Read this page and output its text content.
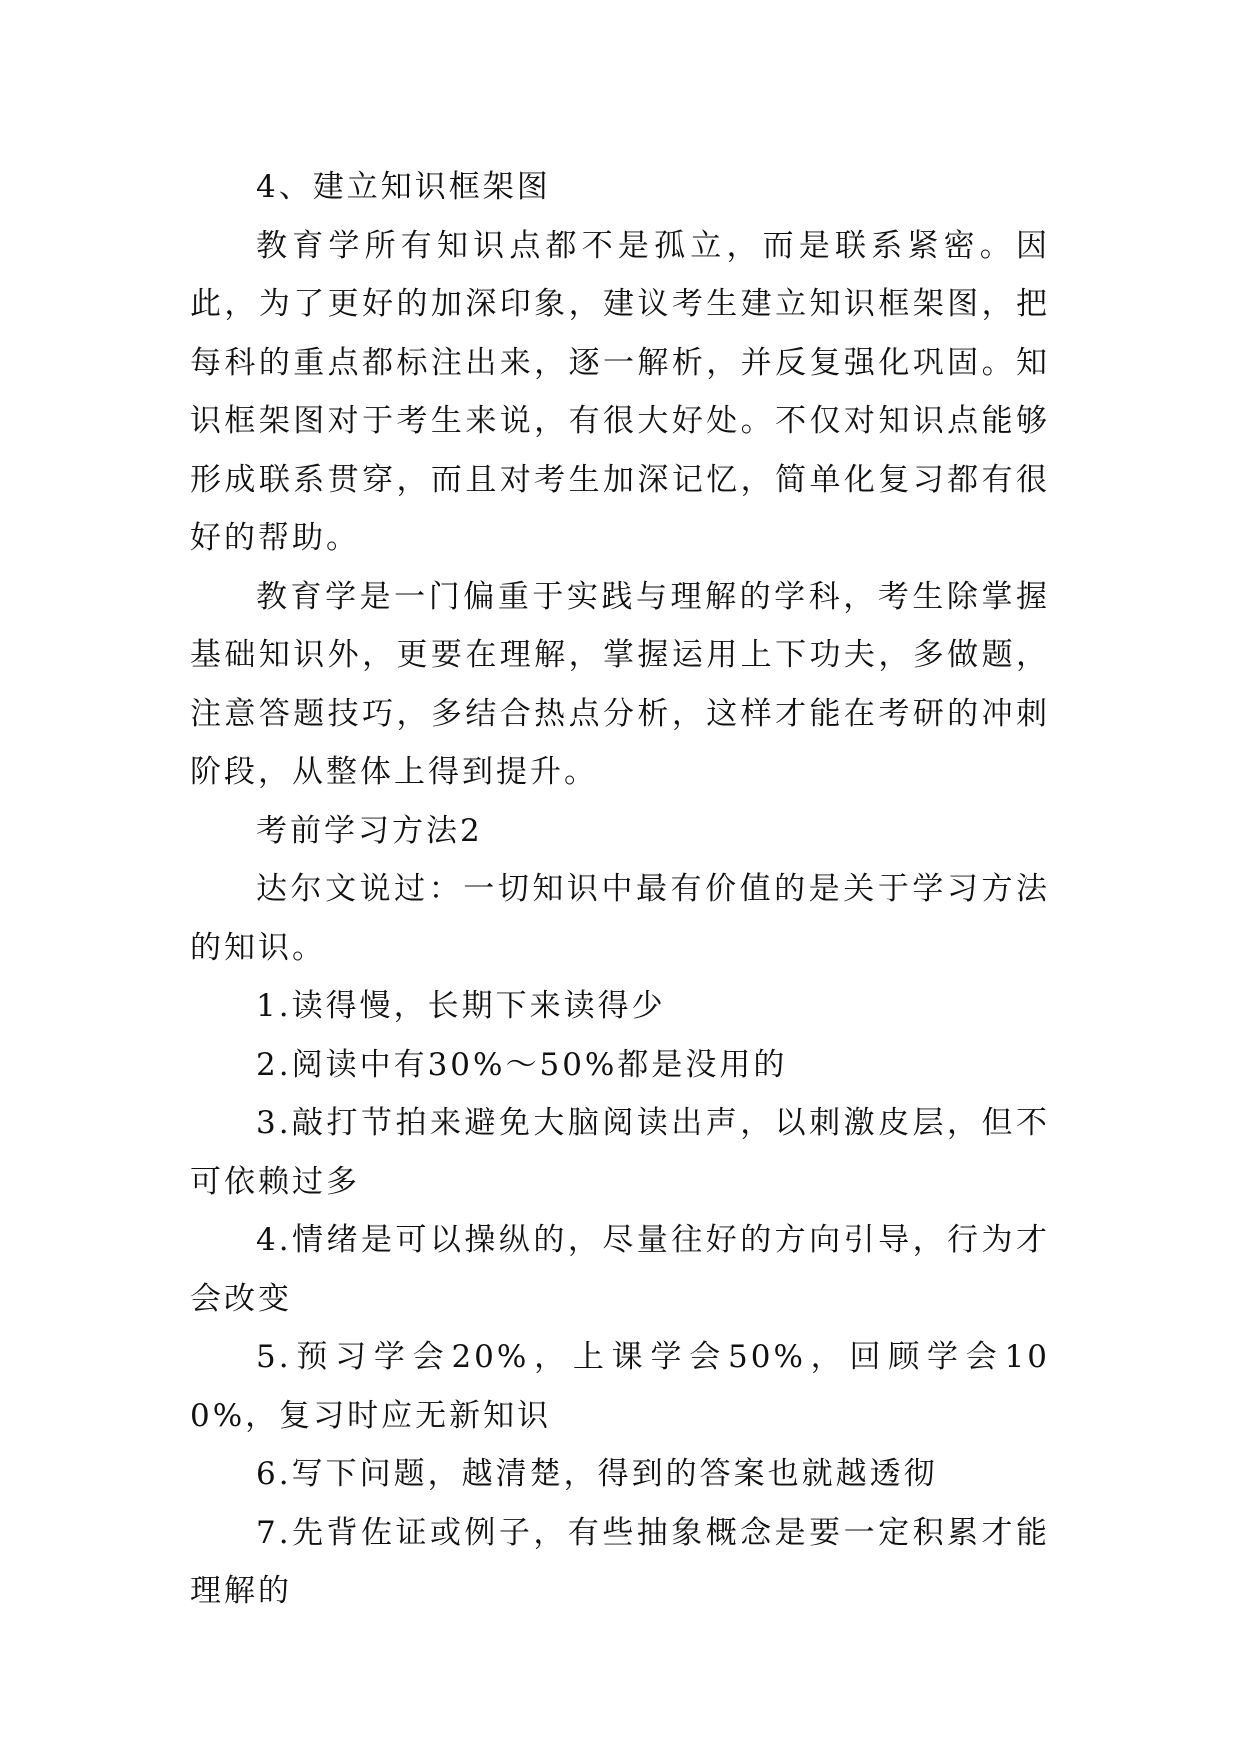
4、建立知识框架图

教育学所有知识点都不是孤立，而是联系紧密。因此，为了更好的加深印象，建议考生建立知识框架图，把每科的重点都标注出来，逐一解析，并反复强化巩固。知识框架图对于考生来说，有很大好处。不仅对知识点能够形成联系贯穿，而且对考生加深记忆，简单化复习都有很好的帮助。

教育学是一门偏重于实践与理解的学科，考生除掌握基础知识外，更要在理解，掌握运用上下功夫，多做题，注意答题技巧，多结合热点分析，这样才能在考研的冲刺阶段，从整体上得到提升。

考前学习方法2

达尔文说过：一切知识中最有价值的是关于学习方法的知识。

1.读得慢，长期下来读得少

2.阅读中有30%～50%都是没用的

3.敲打节拍来避免大脑阅读出声，以刺激皮层，但不可依赖过多

4.情绪是可以操纵的，尽量往好的方向引导，行为才会改变

5.预习学会20%，上课学会50%，回顾学会100%，复习时应无新知识

6.写下问题，越清楚，得到的答案也就越透彻

7.先背佐证或例子，有些抽象概念是要一定积累才能理解的
